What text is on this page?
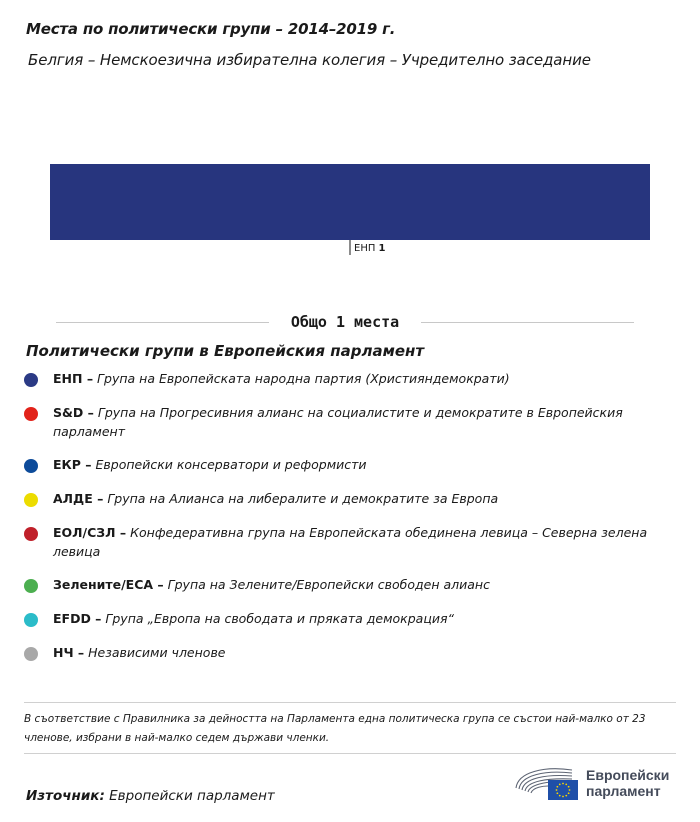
Места по политически групи – 2014–2019 г.
Белгия – Немскоезична избирателна колегия – Учредително заседание
ЕНП 1
Общо 1 места
Политически групи в Европейския парламент
ЕНП – Група на Европейската народна партия (Християндемократи)
S&D – Група на Прогресивния алианс на социалистите и демократите в Европейския парламент
ЕКР – Европейски консерватори и реформисти
АЛДЕ – Група на Алианса на либералите и демократите за Европа
ЕОЛ/СЗЛ – Конфедеративна група на Европейската обединена левица – Северна зелена левица
Зелените/ЕСА – Група на Зелените/Европейски свободен алианс
EFDD – Група „Европа на свободата и пряката демокрация“
НЧ – Независими членове
В съответствие с Правилника за дейността на Парламента една политическа група се състои най-малко от 23 членове, избрани в най-малко седем държави членки.
Източник: Европейски парламент
Европейски
парламент
